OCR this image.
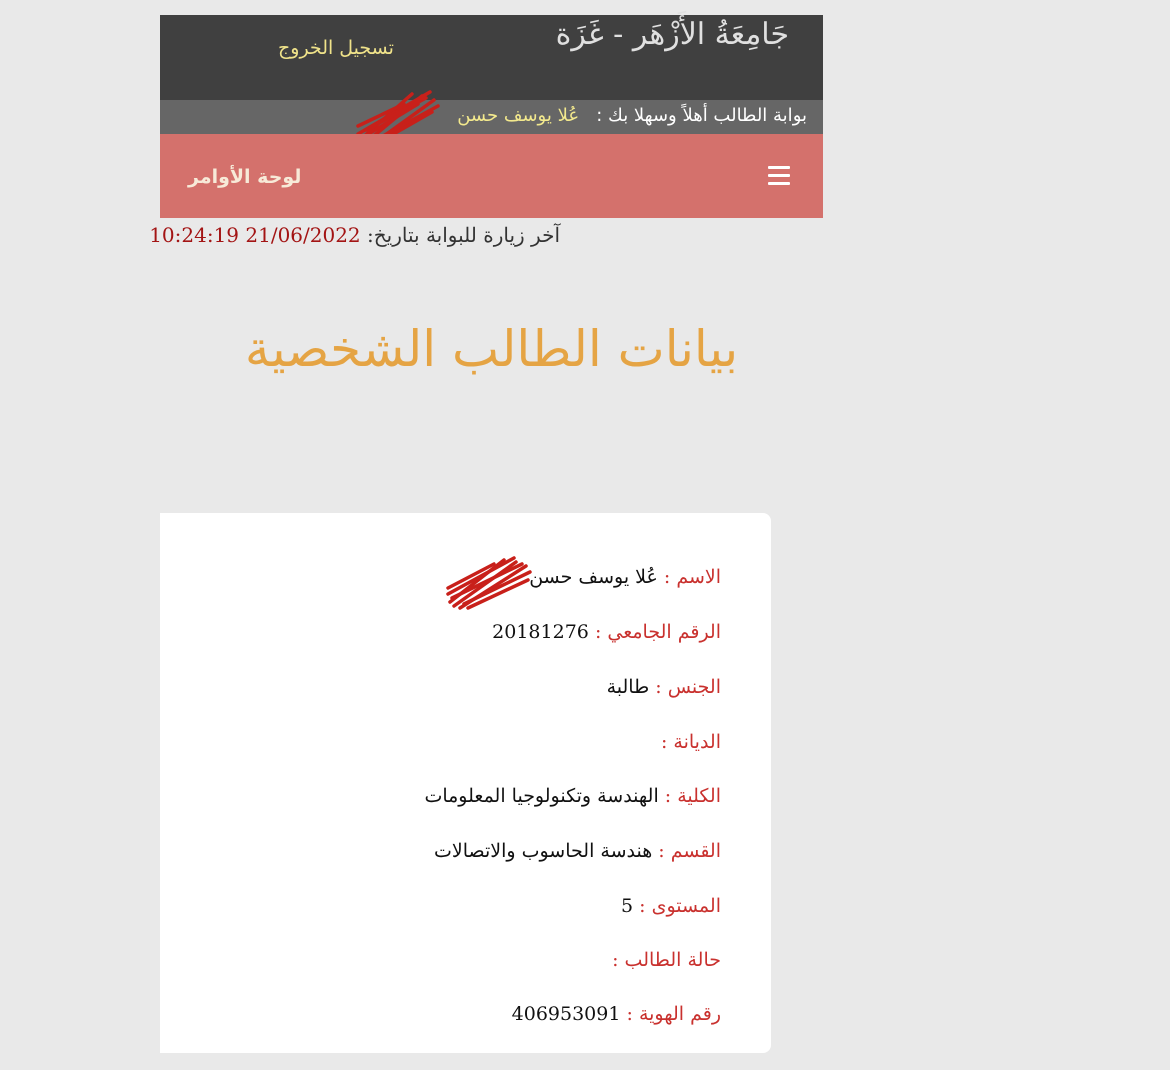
جَامِعَةُ الأَزْهَر - غَزَة
تسجيل الخروج
بوابة الطالب أهلاً وسهلا بك :   عُلا يوسف حسن
لوحة الأوامر
آخر زيارة للبوابة بتاريخ: 21/06/2022 10:24:19
بيانات الطالب الشخصية
الاسم : عُلا يوسف حسن
الرقم الجامعي : 20181276
الجنس : طالبة
الديانة :
الكلية : الهندسة وتكنولوجيا المعلومات
القسم : هندسة الحاسوب والاتصالات
المستوى : 5
حالة الطالب :
رقم الهوية : 406953091
